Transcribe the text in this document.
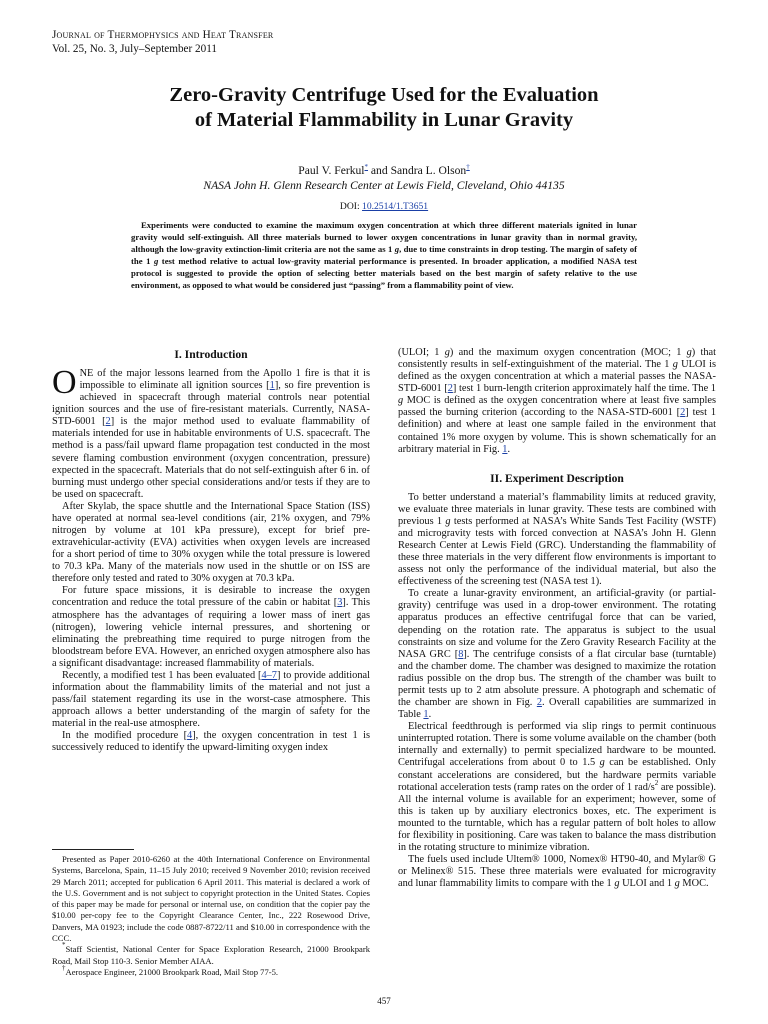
Journal of Thermophysics and Heat Transfer
Vol. 25, No. 3, July–September 2011
Zero-Gravity Centrifuge Used for the Evaluation
of Material Flammability in Lunar Gravity
Paul V. Ferkul* and Sandra L. Olson†
NASA John H. Glenn Research Center at Lewis Field, Cleveland, Ohio 44135
DOI: 10.2514/1.T3651
Experiments were conducted to examine the maximum oxygen concentration at which three different materials ignited in lunar gravity would self-extinguish. All three materials burned to lower oxygen concentrations in lunar gravity than in normal gravity, although the low-gravity extinction-limit criteria are not the same as 1 g, due to time constraints in drop testing. The margin of safety of the 1 g test method relative to actual low-gravity material performance is presented. In broader application, a modified NASA test protocol is suggested to provide the option of selecting better materials based on the best margin of safety relative to the use environment, as opposed to what would be considered just “passing” from a flammability point of view.
I. Introduction

ONE of the major lessons learned from the Apollo 1 fire is that it is impossible to eliminate all ignition sources [1], so fire prevention is achieved in spacecraft through material controls near potential ignition sources and the use of fire-resistant materials. Currently, NASA-STD-6001 [2] is the major method used to evaluate flammability of materials intended for use in habitable environments of U.S. spacecraft. The method is a pass/fail upward flame propagation test conducted in the most severe flaming combustion environment (oxygen concentration, pressure) expected in the spacecraft. Materials that do not self-extinguish after 6 in. of burning must undergo other special considerations and/or tests if they are to be used on spacecraft.

After Skylab, the space shuttle and the International Space Station (ISS) have operated at normal sea-level conditions (air, 21% oxygen, and 79% nitrogen by volume at 101 kPa pressure), except for brief pre-extravehicular-activity (EVA) activities when oxygen levels are increased for a short period of time to 30% oxygen while the total pressure is lowered to 70.3 kPa. Many of the materials now used in the shuttle or on ISS are therefore only tested and rated to 30% oxygen at 70.3 kPa.

For future space missions, it is desirable to increase the oxygen concentration and reduce the total pressure of the cabin or habitat [3]. This atmosphere has the advantages of requiring a lower mass of inert gas (nitrogen), lowering vehicle internal pressures, and shortening or eliminating the prebreathing time required to purge nitrogen from the bloodstream before EVA. However, an enriched oxygen atmosphere also has a significant disadvantage: increased flammability of materials.

Recently, a modified test 1 has been evaluated [4–7] to provide additional information about the flammability limits of the material and not just a pass/fail statement regarding its use in the worst-case atmosphere. This approach allows a better understanding of the margin of safety for the material in the real-use atmosphere.

In the modified procedure [4], the oxygen concentration in test 1 is successively reduced to identify the upward-limiting oxygen index

Presented as Paper 2010-6260 at the 40th International Conference on Environmental Systems, Barcelona, Spain, 11–15 July 2010; received 9 November 2010; revision received 29 March 2011; accepted for publication 6 April 2011. This material is declared a work of the U.S. Government and is not subject to copyright protection in the United States. Copies of this paper may be made for personal or internal use, on condition that the copier pay the $10.00 per-copy fee to the Copyright Clearance Center, Inc., 222 Rosewood Drive, Danvers, MA 01923; include the code 0887-8722/11 and $10.00 in correspondence with the CCC.

*Staff Scientist, National Center for Space Exploration Research, 21000 Brookpark Road, Mail Stop 110-3. Senior Member AIAA.

†Aerospace Engineer, 21000 Brookpark Road, Mail Stop 77-5.

(ULOI; 1 g) and the maximum oxygen concentration (MOC; 1 g) that consistently results in self-extinguishment of the material. The 1 g ULOI is defined as the oxygen concentration at which a material passes the NASA-STD-6001 [2] test 1 burn-length criterion approximately half the time. The 1 g MOC is defined as the oxygen concentration where at least five samples passed the burning criterion (according to the NASA-STD-6001 [2] test 1 definition) and where at least one sample failed in the environment that contained 1% more oxygen by volume. This is shown schematically for an arbitrary material in Fig. 1.

II. Experiment Description

To better understand a material’s flammability limits at reduced gravity, we evaluate three materials in lunar gravity. These tests are combined with previous 1 g tests performed at NASA’s White Sands Test Facility (WSTF) and microgravity tests with forced convection at NASA’s John H. Glenn Research Center at Lewis Field (GRC). Understanding the flammability of these three materials in the very different flow environments is important to assess not only the performance of the individual material, but also the effectiveness of the screening test (NASA test 1).

To create a lunar-gravity environment, an artificial-gravity (or partial-gravity) centrifuge was used in a drop-tower environment. The rotating apparatus produces an effective centrifugal force that can be varied, depending on the rotation rate. The apparatus is subject to the usual constraints on size and volume for the Zero Gravity Research Facility at the NASA GRC [8]. The centrifuge consists of a flat circular base (turntable) and the chamber dome. The chamber was designed to maximize the rotation radius possible on the drop bus. The strength of the chamber was built to permit tests up to 2 atm absolute pressure. A photograph and schematic of the chamber are shown in Fig. 2. Overall capabilities are summarized in Table 1.

Electrical feedthrough is performed via slip rings to permit continuous uninterrupted rotation. There is some volume available on the chamber (both internally and externally) to permit specialized hardware to be mounted. Centrifugal accelerations from about 0 to 1.5 g can be established. Only constant accelerations are considered, but the hardware permits variable rotational acceleration tests (ramp rates on the order of 1 rad/$s^2$ are possible). All the internal volume is available for an experiment; however, some of this is taken up by auxiliary electronics boxes, etc. The experiment is mounted to the turntable, which has a regular pattern of bolt holes to allow for flexibility in positioning. Care was taken to balance the mass distribution in the rotating structure to minimize vibration.

The fuels used include Ultem® 1000, Nomex® HT90-40, and Mylar® G or Melinex® 515. These three materials were evaluated for microgravity and lunar flammability limits to compare with the 1 g ULOI and 1 g MOC.

457
